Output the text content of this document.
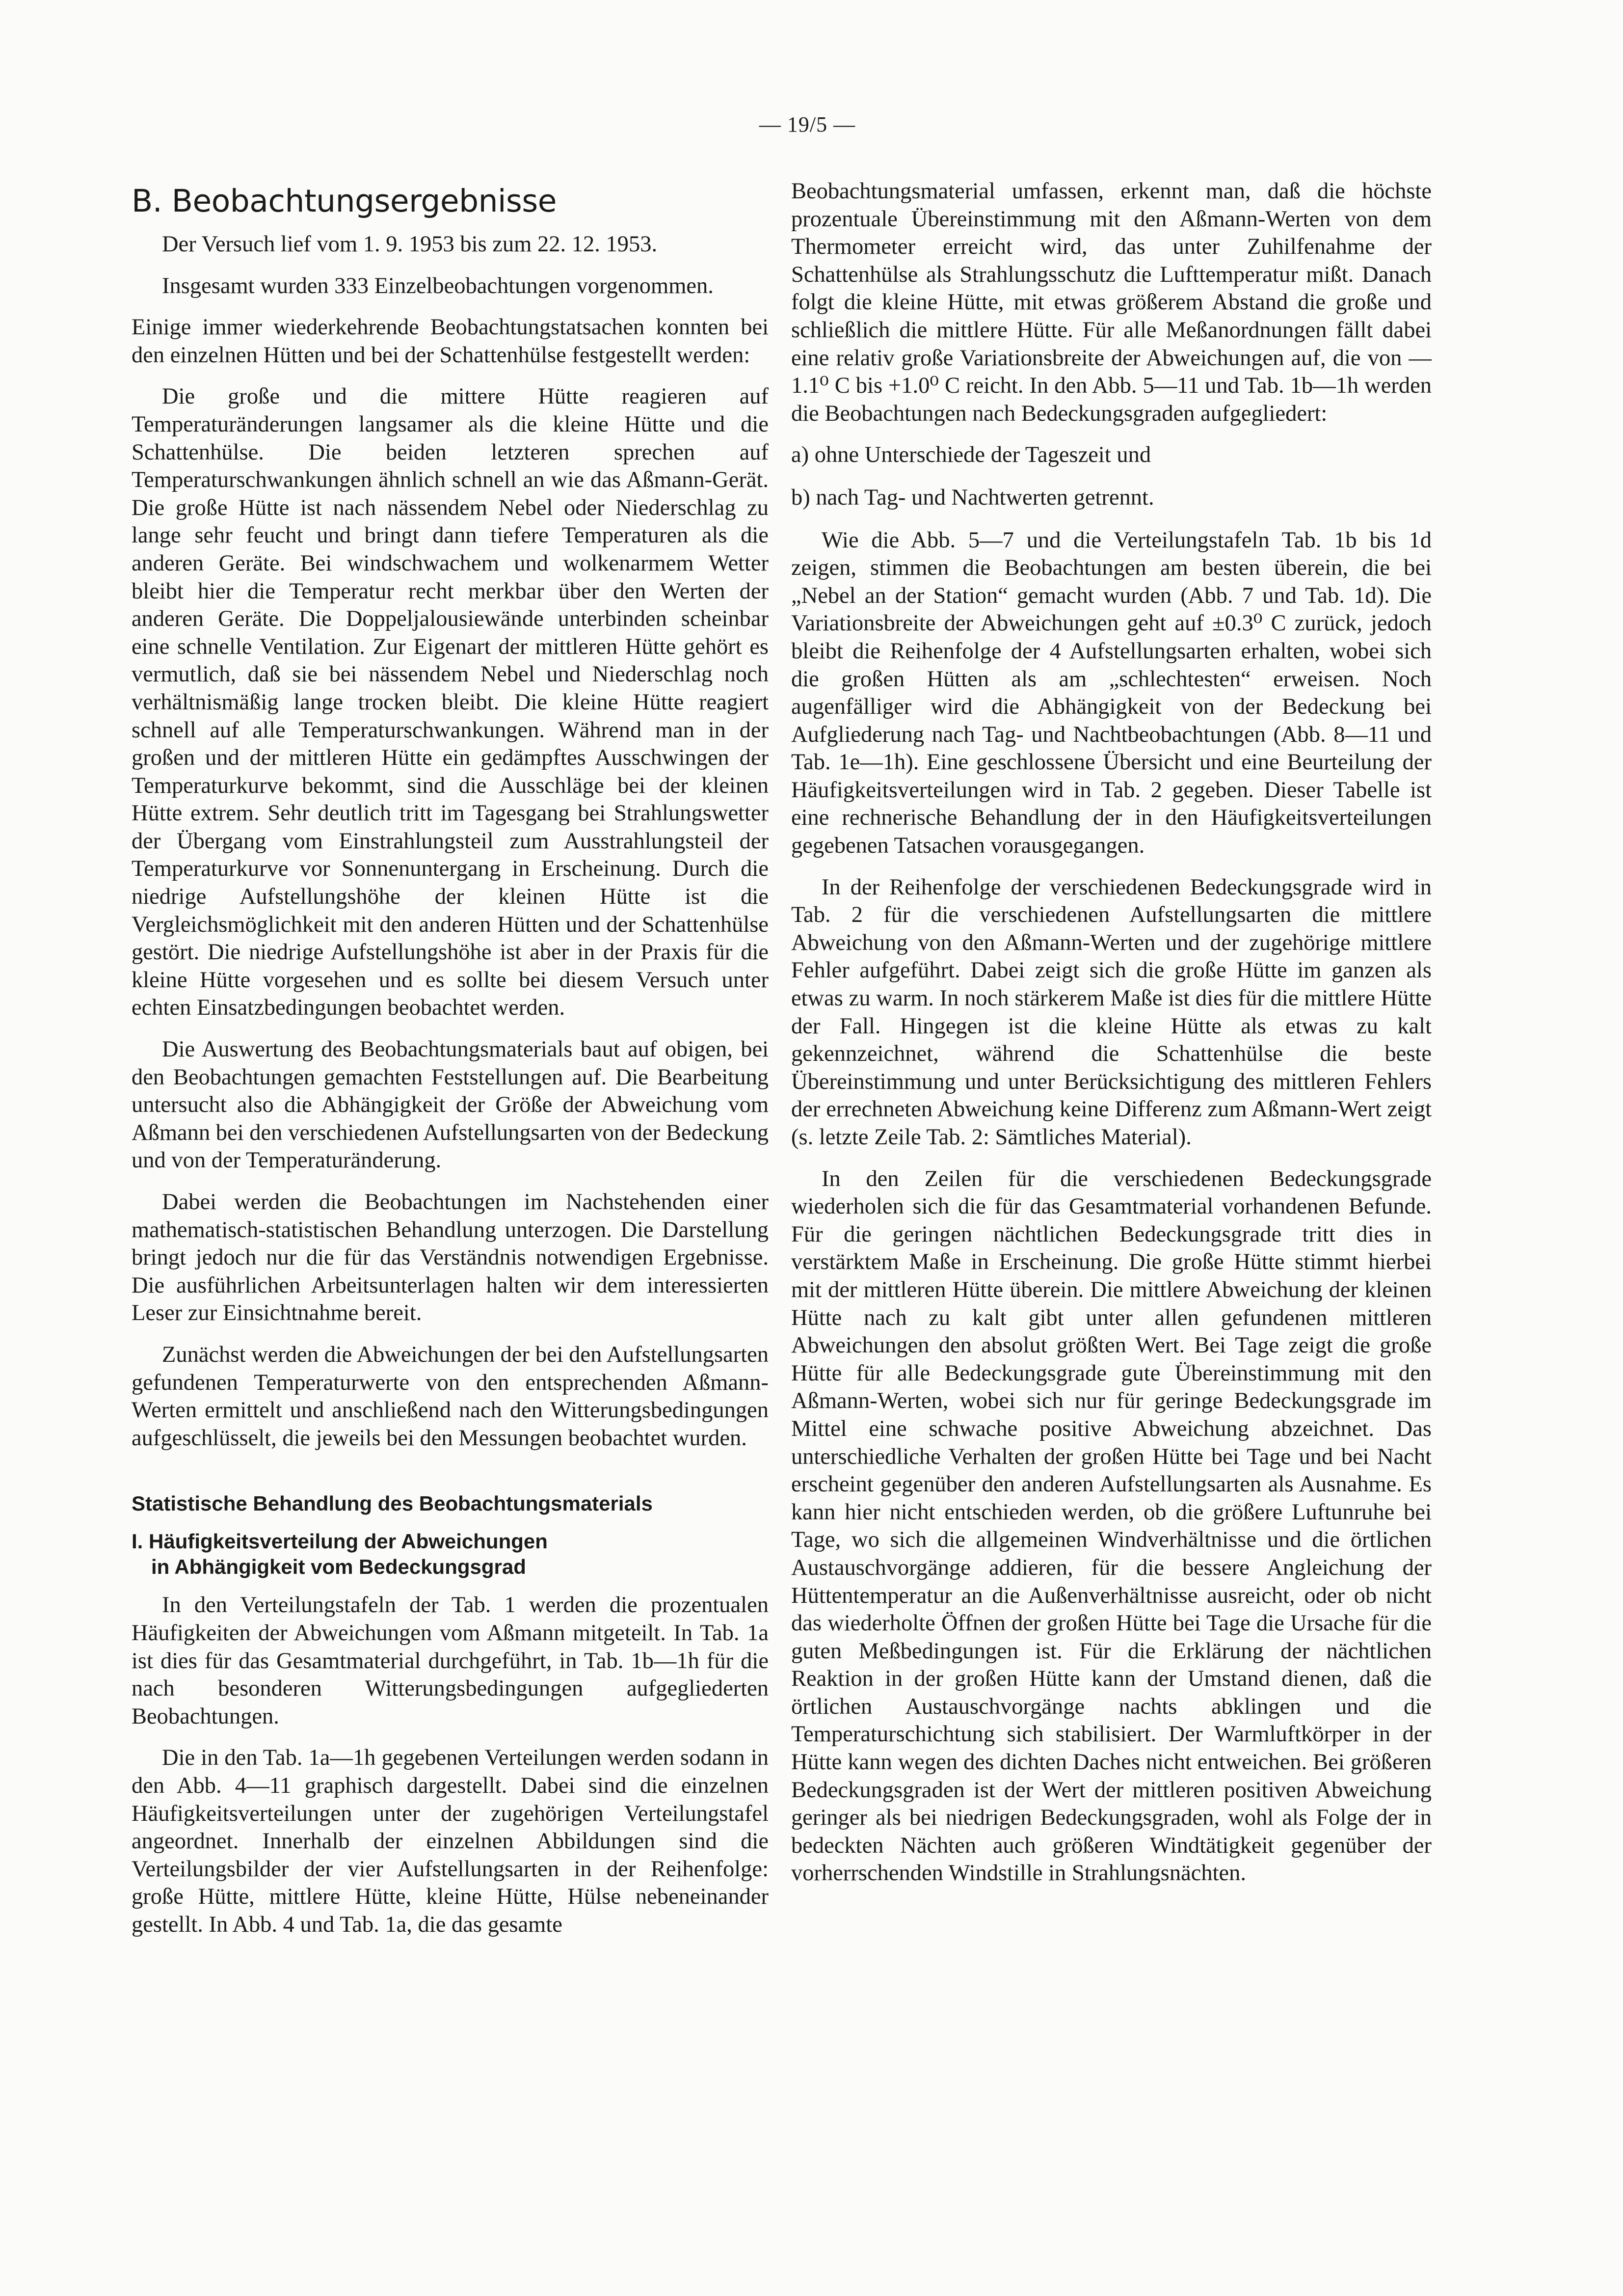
— 19/5 —
B. Beobachtungsergebnisse

Der Versuch lief vom 1. 9. 1953 bis zum 22. 12. 1953.

Insgesamt wurden 333 Einzelbeobachtungen vorgenommen.

Einige immer wiederkehrende Beobachtungstatsachen konnten bei den einzelnen Hütten und bei der Schattenhülse festgestellt werden:

Die große und die mittere Hütte reagieren auf Temperaturänderungen langsamer als die kleine Hütte und die Schattenhülse. Die beiden letzteren sprechen auf Temperaturschwankungen ähnlich schnell an wie das Aßmann-Gerät. Die große Hütte ist nach nässendem Nebel oder Niederschlag zu lange sehr feucht und bringt dann tiefere Temperaturen als die anderen Geräte. Bei windschwachem und wolkenarmem Wetter bleibt hier die Temperatur recht merkbar über den Werten der anderen Geräte. Die Doppeljalousiewände unterbinden scheinbar eine schnelle Ventilation. Zur Eigenart der mittleren Hütte gehört es vermutlich, daß sie bei nässendem Nebel und Niederschlag noch verhältnismäßig lange trocken bleibt. Die kleine Hütte reagiert schnell auf alle Temperaturschwankungen. Während man in der großen und der mittleren Hütte ein gedämpftes Ausschwingen der Temperaturkurve bekommt, sind die Ausschläge bei der kleinen Hütte extrem. Sehr deutlich tritt im Tagesgang bei Strahlungswetter der Übergang vom Einstrahlungsteil zum Ausstrahlungsteil der Temperaturkurve vor Sonnenuntergang in Erscheinung. Durch die niedrige Aufstellungshöhe der kleinen Hütte ist die Vergleichsmöglichkeit mit den anderen Hütten und der Schattenhülse gestört. Die niedrige Aufstellungshöhe ist aber in der Praxis für die kleine Hütte vorgesehen und es sollte bei diesem Versuch unter echten Einsatzbedingungen beobachtet werden.

Die Auswertung des Beobachtungsmaterials baut auf obigen, bei den Beobachtungen gemachten Feststellungen auf. Die Bearbeitung untersucht also die Abhängigkeit der Größe der Abweichung vom Aßmann bei den verschiedenen Aufstellungsarten von der Bedeckung und von der Temperaturänderung.

Dabei werden die Beobachtungen im Nachstehenden einer mathematisch-statistischen Behandlung unterzogen. Die Darstellung bringt jedoch nur die für das Verständnis notwendigen Ergebnisse. Die ausführlichen Arbeitsunterlagen halten wir dem interessierten Leser zur Einsichtnahme bereit.

Zunächst werden die Abweichungen der bei den Aufstellungsarten gefundenen Temperaturwerte von den entsprechenden Aßmann-Werten ermittelt und anschließend nach den Witterungsbedingungen aufgeschlüsselt, die jeweils bei den Messungen beobachtet wurden.

Statistische Behandlung des Beobachtungsmaterials
I. Häufigkeitsverteilung der Abweichungen
in Abhängigkeit vom Bedeckungsgrad

In den Verteilungstafeln der Tab. 1 werden die prozentualen Häufigkeiten der Abweichungen vom Aßmann mitgeteilt. In Tab. 1a ist dies für das Gesamtmaterial durchgeführt, in Tab. 1b—1h für die nach besonderen Witterungsbedingungen aufgegliederten Beobachtungen.

Die in den Tab. 1a—1h gegebenen Verteilungen werden sodann in den Abb. 4—11 graphisch dargestellt. Dabei sind die einzelnen Häufigkeitsverteilungen unter der zugehörigen Verteilungstafel angeordnet. Innerhalb der einzelnen Abbildungen sind die Verteilungsbilder der vier Aufstellungsarten in der Reihenfolge: große Hütte, mittlere Hütte, kleine Hütte, Hülse nebeneinander gestellt. In Abb. 4 und Tab. 1a, die das gesamte

Beobachtungsmaterial umfassen, erkennt man, daß die höchste prozentuale Übereinstimmung mit den Aßmann-Werten von dem Thermometer erreicht wird, das unter Zuhilfenahme der Schattenhülse als Strahlungsschutz die Lufttemperatur mißt. Danach folgt die kleine Hütte, mit etwas größerem Abstand die große und schließlich die mittlere Hütte. Für alle Meßanordnungen fällt dabei eine relativ große Variationsbreite der Abweichungen auf, die von —1.1⁰ C bis +1.0⁰ C reicht. In den Abb. 5—11 und Tab. 1b—1h werden die Beobachtungen nach Bedeckungsgraden aufgegliedert:

a) ohne Unterschiede der Tageszeit und

b) nach Tag- und Nachtwerten getrennt.

Wie die Abb. 5—7 und die Verteilungstafeln Tab. 1b bis 1d zeigen, stimmen die Beobachtungen am besten überein, die bei „Nebel an der Station“ gemacht wurden (Abb. 7 und Tab. 1d). Die Variationsbreite der Abweichungen geht auf ±0.3⁰ C zurück, jedoch bleibt die Reihenfolge der 4 Aufstellungsarten erhalten, wobei sich die großen Hütten als am „schlechtesten“ erweisen. Noch augenfälliger wird die Abhängigkeit von der Bedeckung bei Aufgliederung nach Tag- und Nachtbeobachtungen (Abb. 8—11 und Tab. 1e—1h). Eine geschlossene Übersicht und eine Beurteilung der Häufigkeitsverteilungen wird in Tab. 2 gegeben. Dieser Tabelle ist eine rechnerische Behandlung der in den Häufigkeitsverteilungen gegebenen Tatsachen vorausgegangen.

In der Reihenfolge der verschiedenen Bedeckungsgrade wird in Tab. 2 für die verschiedenen Aufstellungsarten die mittlere Abweichung von den Aßmann-Werten und der zugehörige mittlere Fehler aufgeführt. Dabei zeigt sich die große Hütte im ganzen als etwas zu warm. In noch stärkerem Maße ist dies für die mittlere Hütte der Fall. Hingegen ist die kleine Hütte als etwas zu kalt gekennzeichnet, während die Schattenhülse die beste Übereinstimmung und unter Berücksichtigung des mittleren Fehlers der errechneten Abweichung keine Differenz zum Aßmann-Wert zeigt (s. letzte Zeile Tab. 2: Sämtliches Material).

In den Zeilen für die verschiedenen Bedeckungsgrade wiederholen sich die für das Gesamtmaterial vorhandenen Befunde. Für die geringen nächtlichen Bedeckungsgrade tritt dies in verstärktem Maße in Erscheinung. Die große Hütte stimmt hierbei mit der mittleren Hütte überein. Die mittlere Abweichung der kleinen Hütte nach zu kalt gibt unter allen gefundenen mittleren Abweichungen den absolut größten Wert. Bei Tage zeigt die große Hütte für alle Bedeckungsgrade gute Übereinstimmung mit den Aßmann-Werten, wobei sich nur für geringe Bedeckungsgrade im Mittel eine schwache positive Abweichung abzeichnet. Das unterschiedliche Verhalten der großen Hütte bei Tage und bei Nacht erscheint gegenüber den anderen Aufstellungsarten als Ausnahme. Es kann hier nicht entschieden werden, ob die größere Luftunruhe bei Tage, wo sich die allgemeinen Windverhältnisse und die örtlichen Austauschvorgänge addieren, für die bessere Angleichung der Hüttentemperatur an die Außenverhältnisse ausreicht, oder ob nicht das wiederholte Öffnen der großen Hütte bei Tage die Ursache für die guten Meßbedingungen ist. Für die Erklärung der nächtlichen Reaktion in der großen Hütte kann der Umstand dienen, daß die örtlichen Austauschvorgänge nachts abklingen und die Temperaturschichtung sich stabilisiert. Der Warmluftkörper in der Hütte kann wegen des dichten Daches nicht entweichen. Bei größeren Bedeckungsgraden ist der Wert der mittleren positiven Abweichung geringer als bei niedrigen Bedeckungsgraden, wohl als Folge der in bedeckten Nächten auch größeren Windtätigkeit gegenüber der vorherrschenden Windstille in Strahlungsnächten.
